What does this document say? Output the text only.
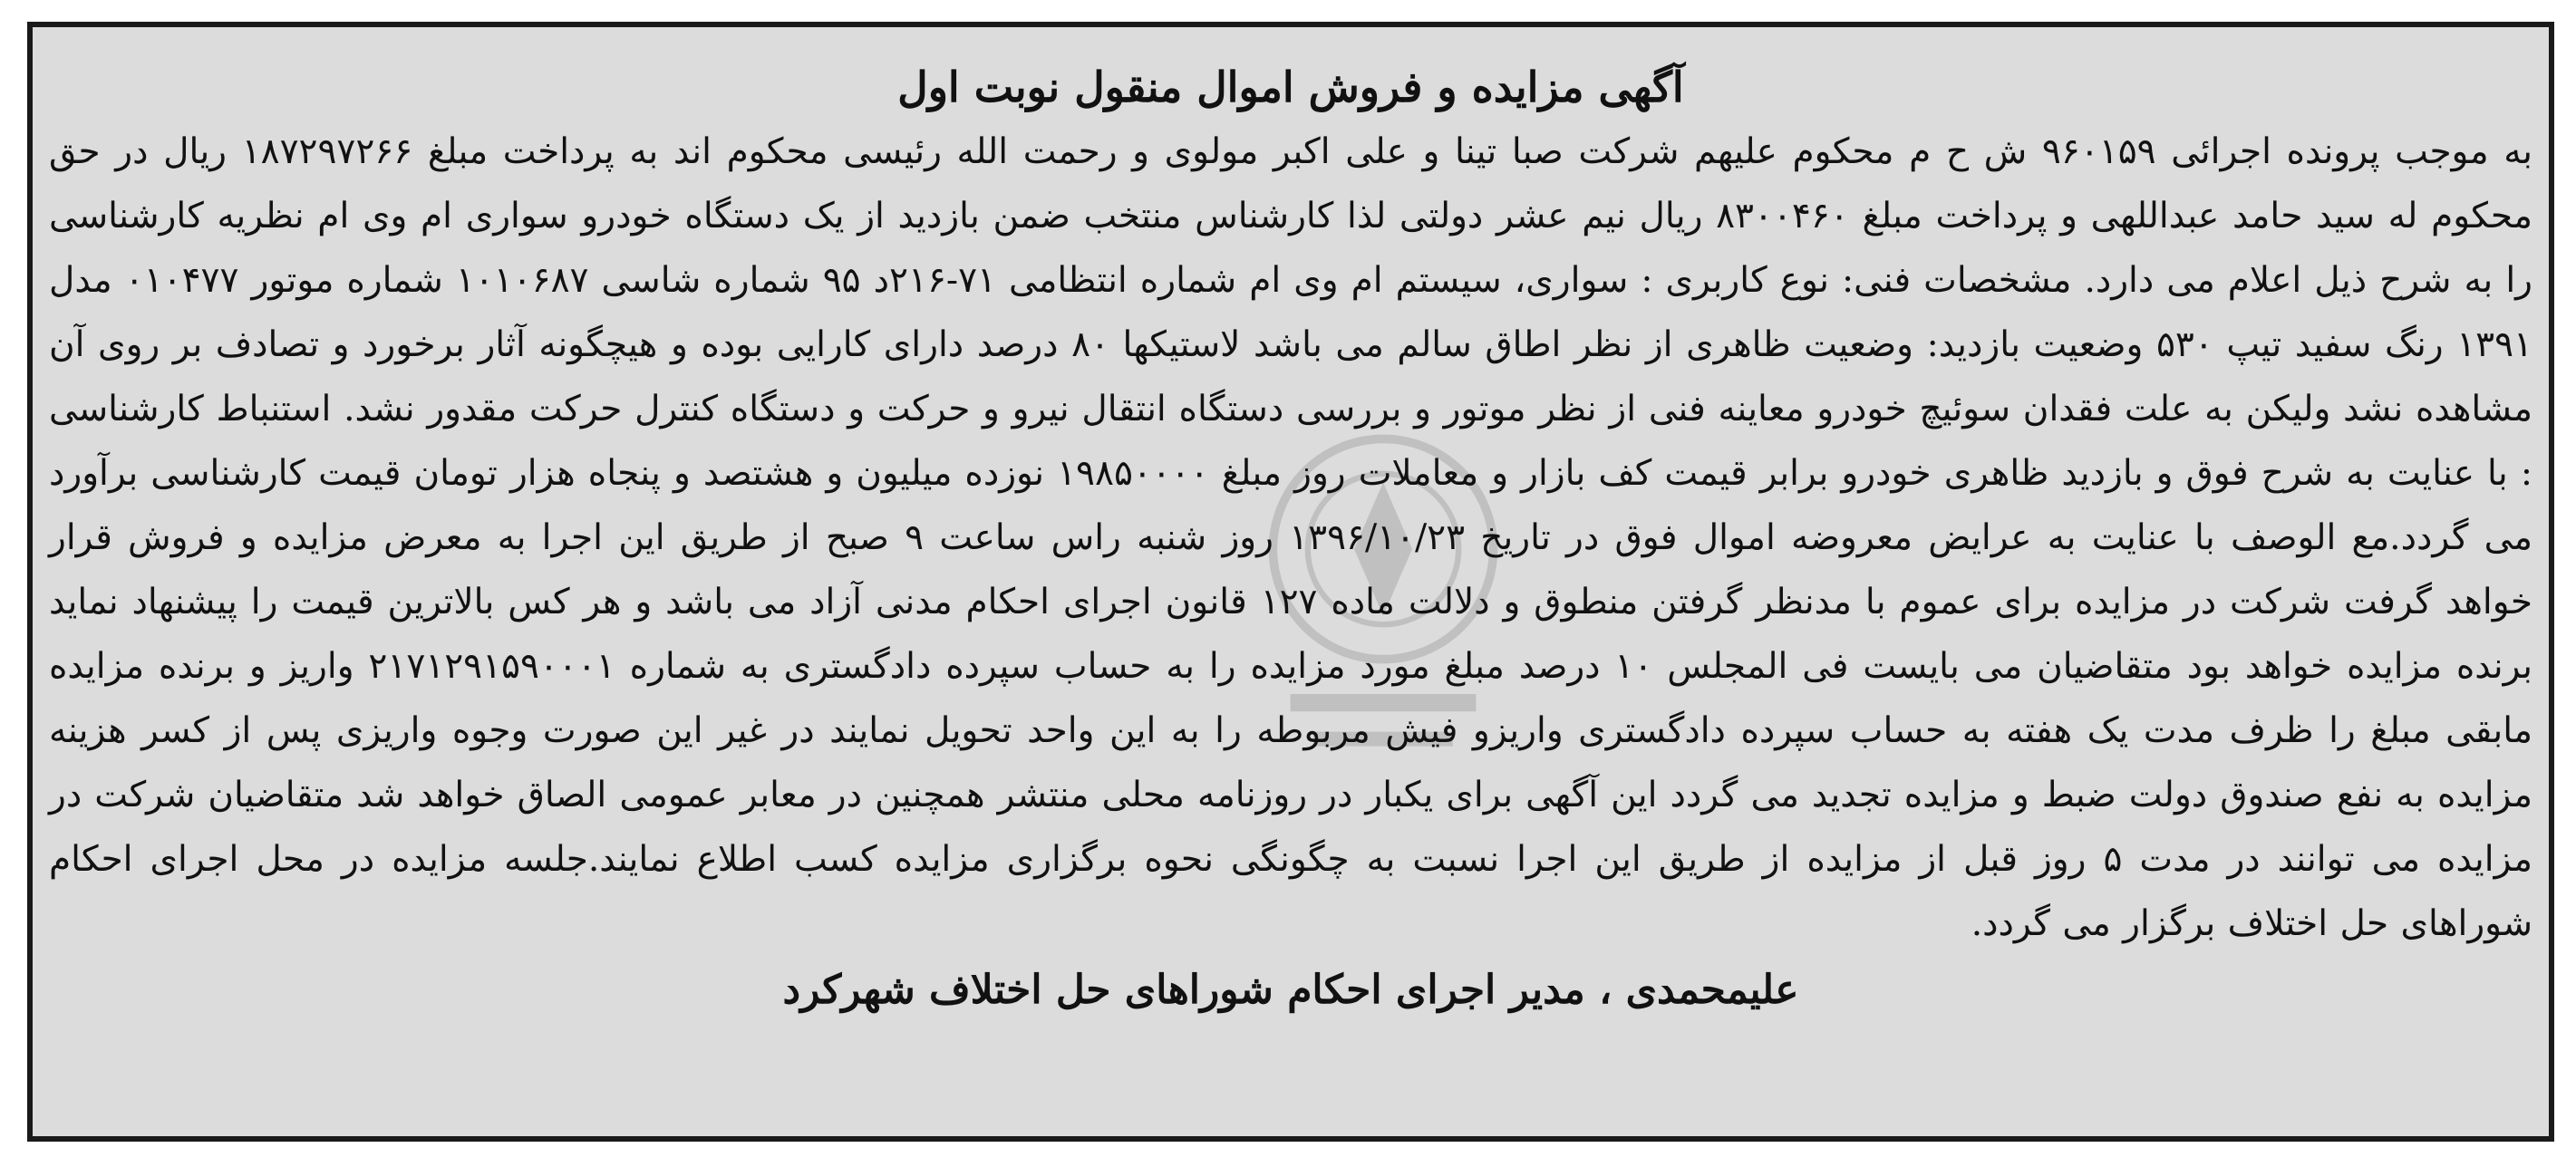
آگهی مزایده و فروش اموال منقول نوبت اول
به موجب پرونده اجرائی ۹۶۰۱۵۹ ش ح م محکوم علیهم شرکت صبا تینا و علی اکبر مولوی و رحمت الله رئیسی محکوم اند به پرداخت مبلغ ۱۸۷۲۹۷۲۶۶ ریال در حق محکوم له سید حامد عبداللهی و پرداخت مبلغ ۸۳۰۰۴۶۰ ریال نیم عشر دولتی لذا کارشناس منتخب ضمن بازدید از یک دستگاه خودرو سواری ام وی ام نظریه کارشناسی را به شرح ذیل اعلام می دارد. مشخصات فنی: نوع کاربری : سواری، سیستم ام وی ام شماره انتظامی ۷۱-۲۱۶د ۹۵ شماره شاسی ۱۰۱۰۶۸۷ شماره موتور ۰۱۰۴۷۷ مدل ۱۳۹۱ رنگ سفید تیپ ۵۳۰ وضعیت بازدید: وضعیت ظاهری از نظر اطاق سالم می باشد لاستیکها ۸۰ درصد دارای کارایی بوده و هیچگونه آثار برخورد و تصادف بر روی آن مشاهده نشد ولیکن به علت فقدان سوئیچ خودرو معاینه فنی از نظر موتور و بررسی دستگاه انتقال نیرو و حرکت و دستگاه کنترل حرکت مقدور نشد. استنباط کارشناسی : با عنایت به شرح فوق و بازدید ظاهری خودرو برابر قیمت کف بازار و معاملات روز مبلغ ۱۹۸۵۰۰۰۰ نوزده میلیون و هشتصد و پنجاه هزار تومان قیمت کارشناسی برآورد می گردد.مع الوصف با عنایت به عرایض معروضه اموال فوق در تاریخ ۱۳۹۶/۱۰/۲۳ روز شنبه راس ساعت ۹ صبح از طریق این اجرا به معرض مزایده و فروش قرار خواهد گرفت شرکت در مزایده برای عموم با مدنظر گرفتن منطوق و دلالت ماده ۱۲۷ قانون اجرای احکام مدنی آزاد می باشد و هر کس بالاترین قیمت را پیشنهاد نماید برنده مزایده خواهد بود متقاضیان می بایست فی المجلس ۱۰ درصد مبلغ مورد مزایده را به حساب سپرده دادگستری به شماره ۲۱۷۱۲۹۱۵۹۰۰۰۱ واریز و برنده مزایده مابقی مبلغ را ظرف مدت یک هفته به حساب سپرده دادگستری واریزو فیش مربوطه را به این واحد تحویل نمایند در غیر این صورت وجوه واریزی پس از کسر هزینه مزایده به نفع صندوق دولت ضبط و مزایده تجدید می گردد این آگهی برای یکبار در روزنامه محلی منتشر همچنین در معابر عمومی الصاق خواهد شد متقاضیان شرکت در مزایده می توانند در مدت ۵ روز قبل از مزایده از طریق این اجرا نسبت به چگونگی نحوه برگزاری مزایده کسب اطلاع نمایند.جلسه مزایده در محل اجرای احکام شوراهای حل اختلاف برگزار می گردد.
علیمحمدی ، مدیر اجرای احکام شوراهای حل اختلاف شهرکرد
